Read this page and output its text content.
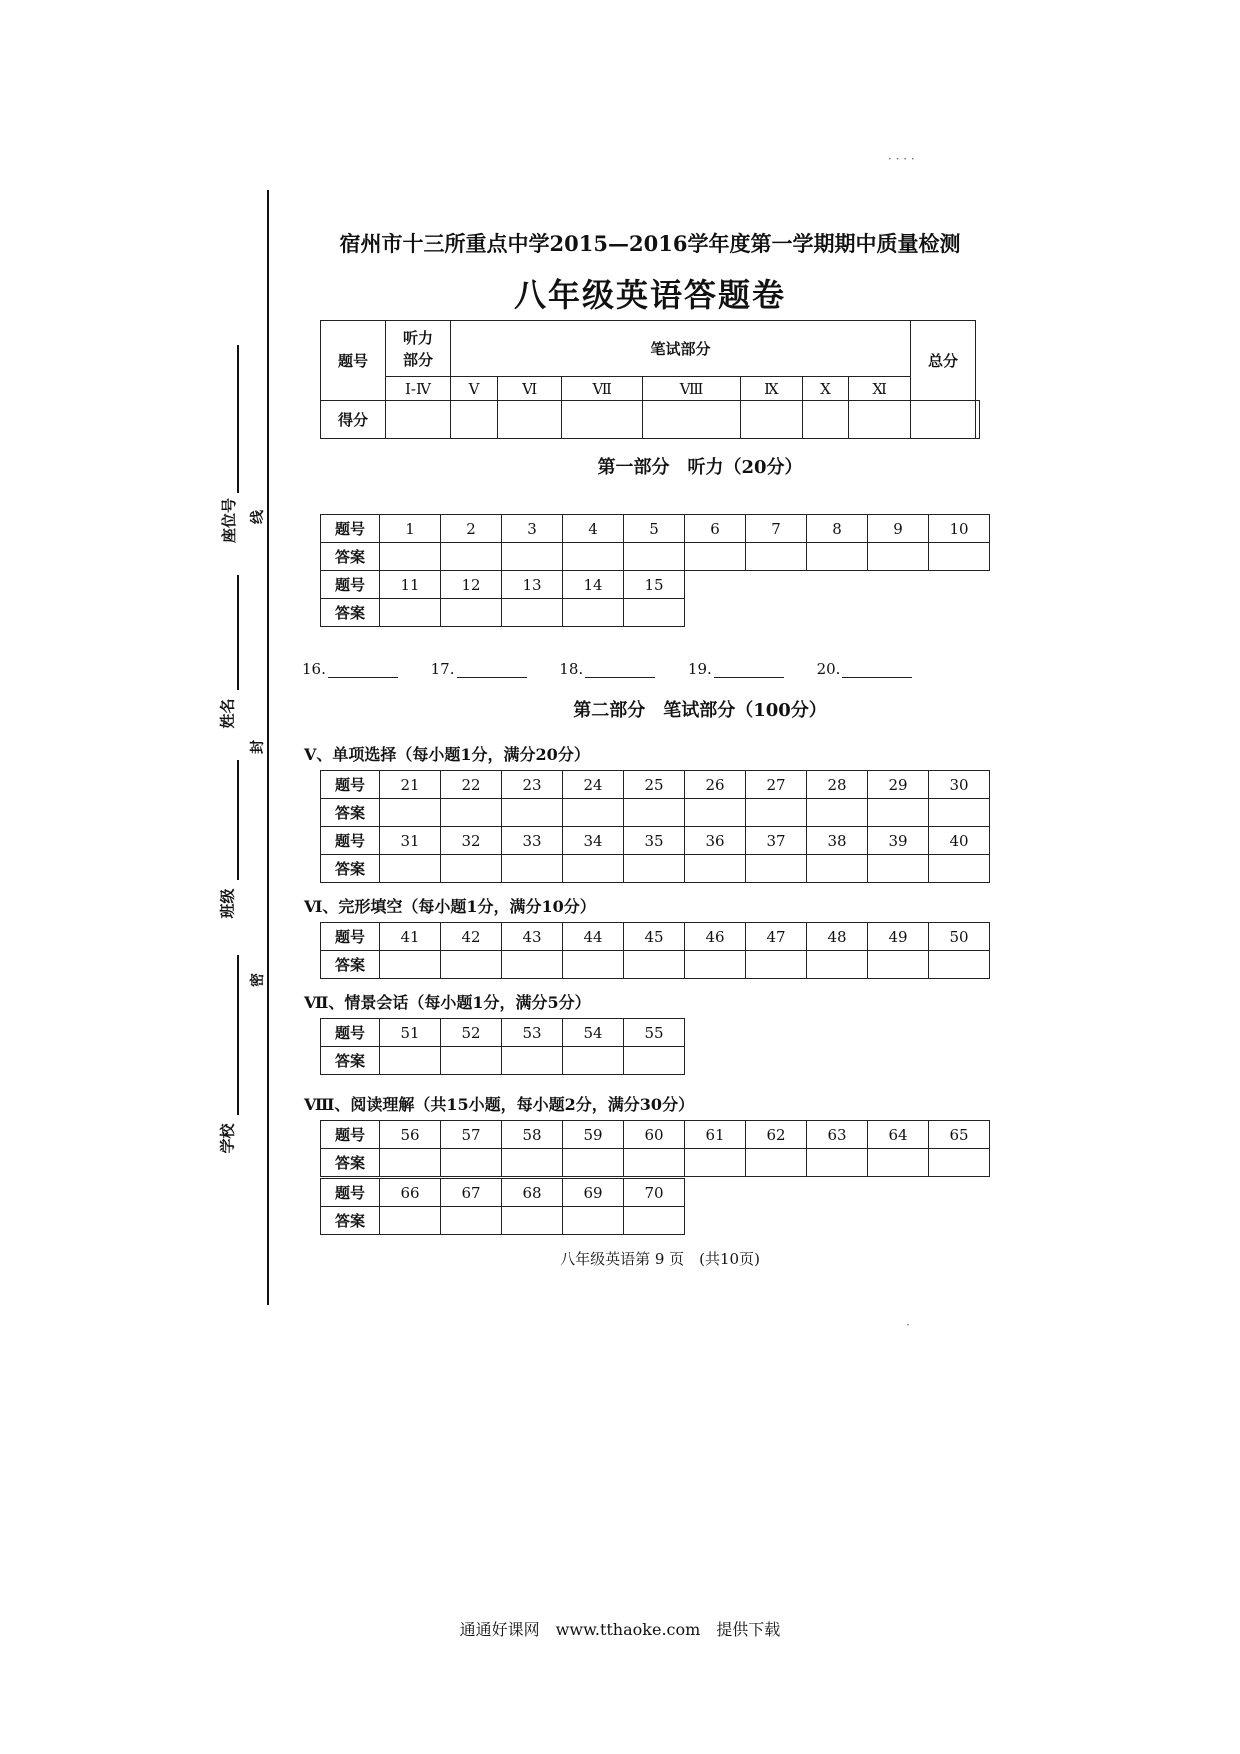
座位号 线
姓名
封
班级
密
学校
· · · ·
·
宿州市十三所重点中学2015—2016学年度第一学期期中质量检测
八年级英语答题卷
题号	听力
部分	笔试部分							总分	
	Ⅰ-Ⅳ	Ⅴ	Ⅵ	Ⅶ	Ⅷ	Ⅸ	Ⅹ	Ⅺ		
得分										
第一部分　听力（20分）
题号	1	2	3	4	5	6	7	8	9	10
答案										
题号	11	12	13	14	15
答案					
16.	17.	18.	19.	20.
第二部分　笔试部分（100分）
Ⅴ、单项选择（每小题1分，满分20分）
题号	21	22	23	24	25	26	27	28	29	30
答案										
题号	31	32	33	34	35	36	37	38	39	40
答案										
Ⅵ、完形填空（每小题1分，满分10分）
题号	41	42	43	44	45	46	47	48	49	50
答案										
Ⅶ、情景会话（每小题1分，满分5分）
题号	51	52	53	54	55
答案					
Ⅷ、阅读理解（共15小题，每小题2分，满分30分）
题号	56	57	58	59	60	61	62	63	64	65
答案										
题号	66	67	68	69	70
答案					
八年级英语第 9 页　(共10页)
通通好课网　www.tthaoke.com　提供下载
